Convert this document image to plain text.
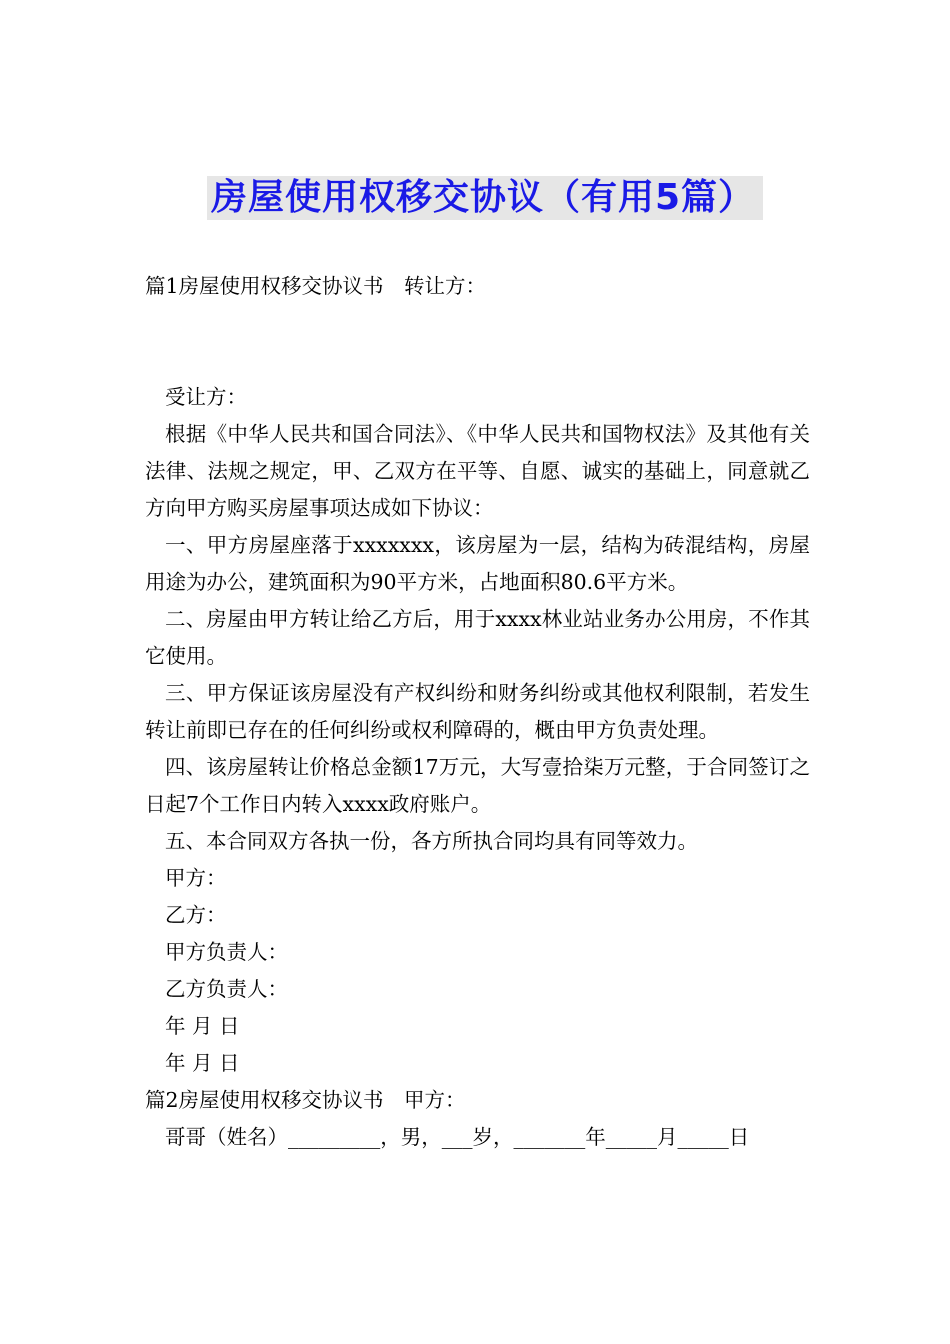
房屋使用权移交协议（有用5篇）

篇1房屋使用权移交协议书　转让方：

受让方：

根据《中华人民共和国合同法》、《中华人民共和国物权法》及其他有关法律、法规之规定，甲、乙双方在平等、自愿、诚实的基础上，同意就乙方向甲方购买房屋事项达成如下协议：

一、甲方房屋座落于xxxxxxx，该房屋为一层，结构为砖混结构，房屋用途为办公，建筑面积为90平方米，占地面积80.6平方米。

二、房屋由甲方转让给乙方后，用于xxxx林业站业务办公用房，不作其它使用。

三、甲方保证该房屋没有产权纠纷和财务纠纷或其他权利限制，若发生转让前即已存在的任何纠纷或权利障碍的，概由甲方负责处理。

四、该房屋转让价格总金额17万元，大写壹拾柒万元整，于合同签订之日起7个工作日内转入xxxx政府账户。

五、本合同双方各执一份，各方所执合同均具有同等效力。

甲方：

乙方：

甲方负责人：

乙方负责人：

年 月 日

年 月 日

篇2房屋使用权移交协议书　甲方：

哥哥（姓名）_________，男，___岁，_______年_____月_____日
